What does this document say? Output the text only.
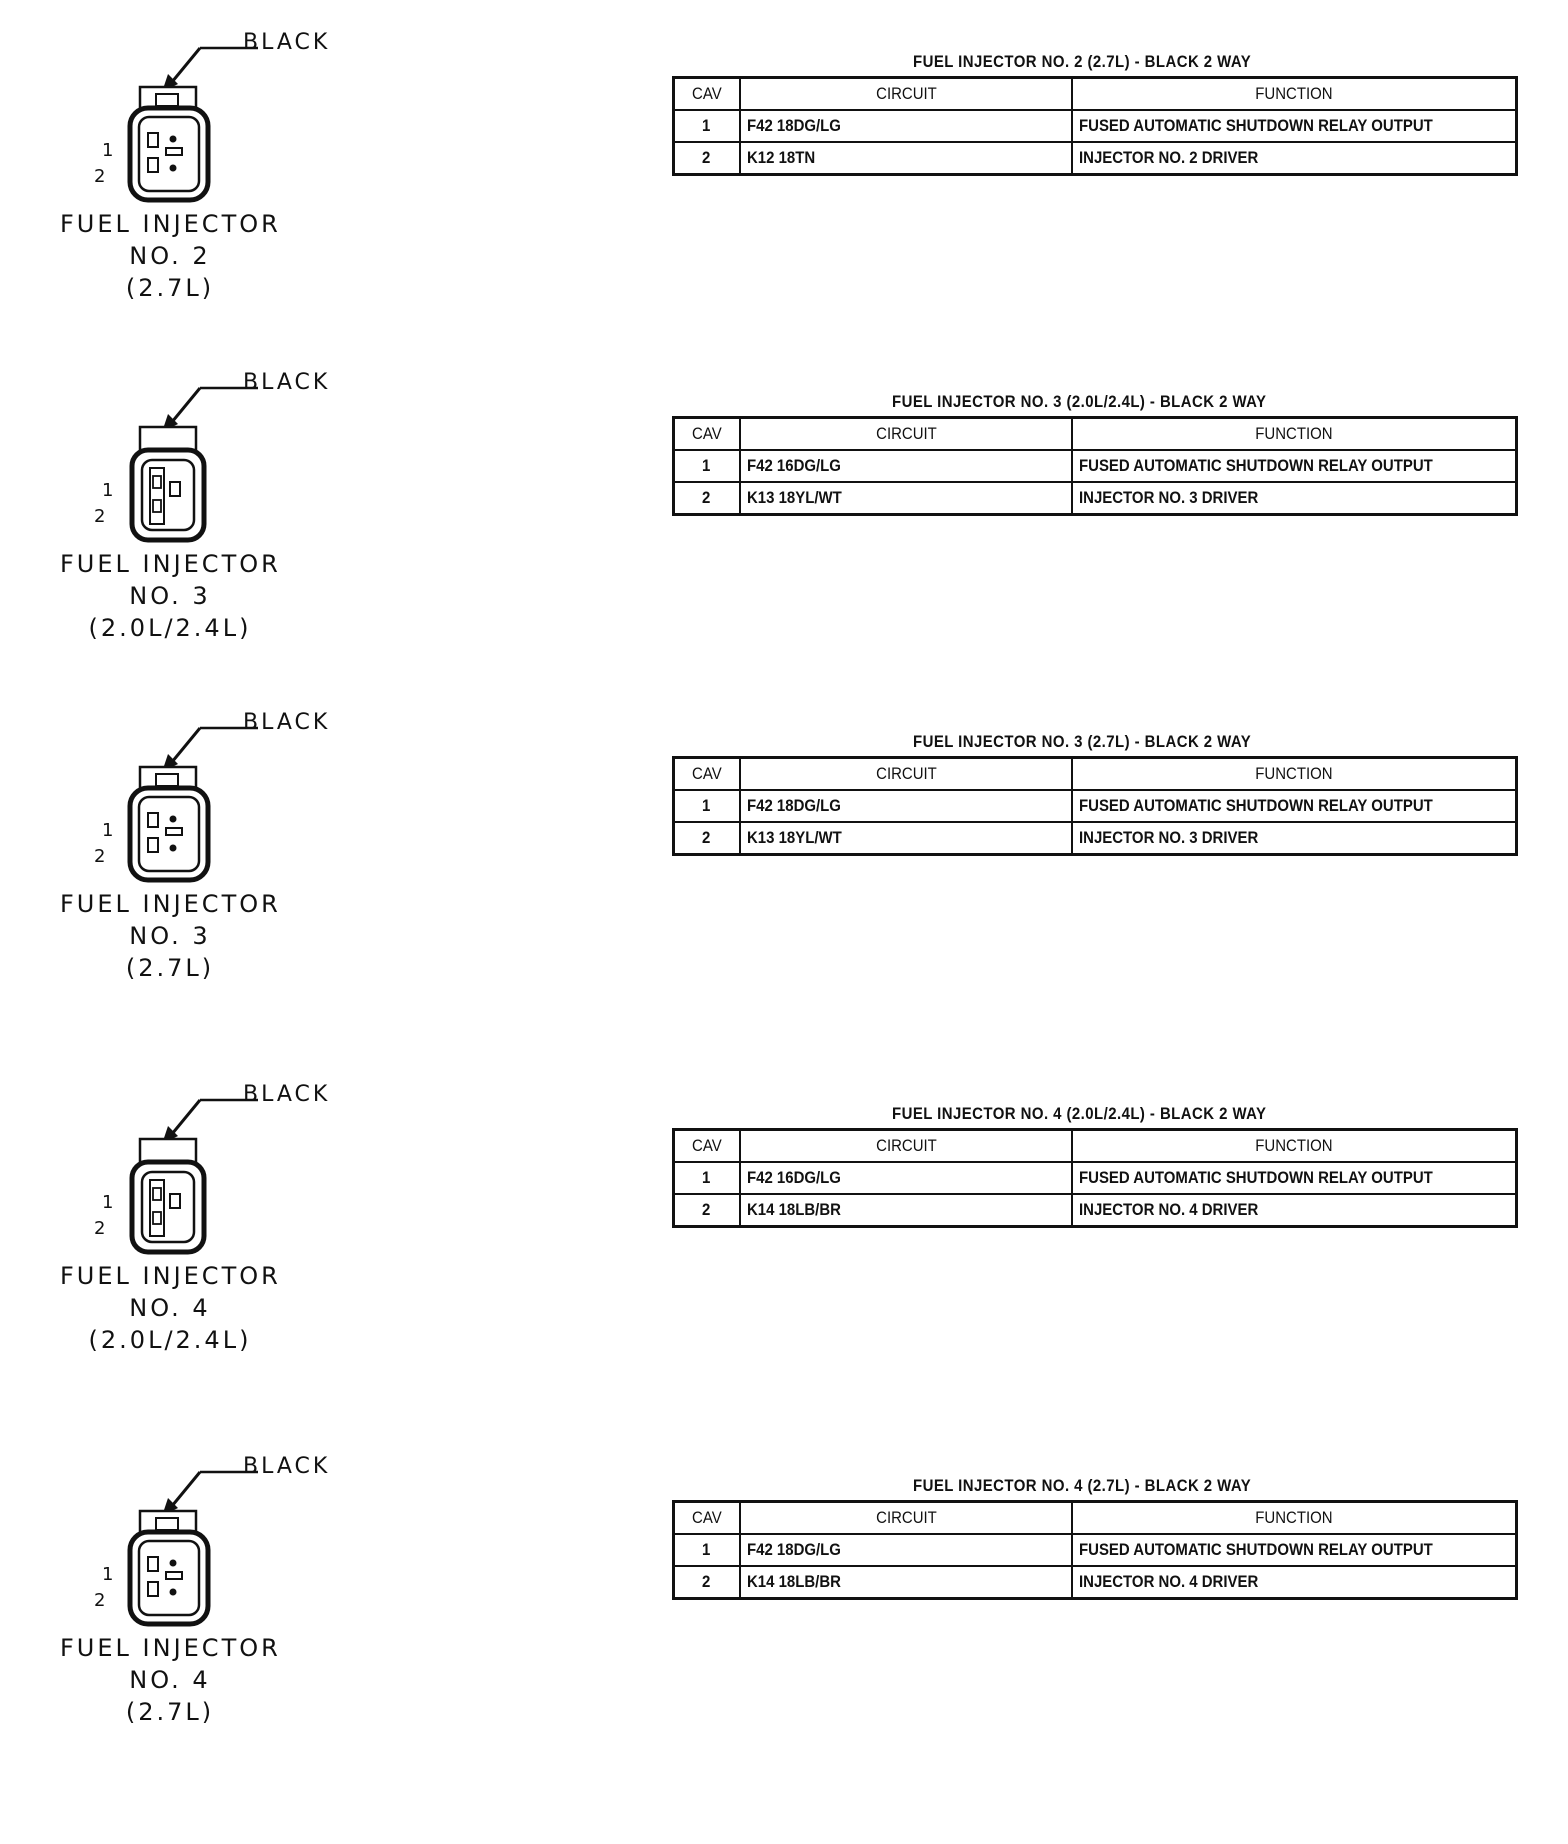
BLACK
1
2
FUEL INJECTOR
NO. 2
(2.7L)
FUEL INJECTOR NO. 2 (2.7L) - BLACK 2 WAY
CAV	CIRCUIT	FUNCTION
1	F42 18DG/LG	FUSED AUTOMATIC SHUTDOWN RELAY OUTPUT
2	K12 18TN	INJECTOR NO. 2 DRIVER
BLACK
1
2
FUEL INJECTOR
NO. 3
(2.0L/2.4L)
FUEL INJECTOR NO. 3 (2.0L/2.4L) - BLACK 2 WAY
CAV	CIRCUIT	FUNCTION
1	F42 16DG/LG	FUSED AUTOMATIC SHUTDOWN RELAY OUTPUT
2	K13 18YL/WT	INJECTOR NO. 3 DRIVER
BLACK
1
2
FUEL INJECTOR
NO. 3
(2.7L)
FUEL INJECTOR NO. 3 (2.7L) - BLACK 2 WAY
CAV	CIRCUIT	FUNCTION
1	F42 18DG/LG	FUSED AUTOMATIC SHUTDOWN RELAY OUTPUT
2	K13 18YL/WT	INJECTOR NO. 3 DRIVER
BLACK
1
2
FUEL INJECTOR
NO. 4
(2.0L/2.4L)
FUEL INJECTOR NO. 4 (2.0L/2.4L) - BLACK 2 WAY
CAV	CIRCUIT	FUNCTION
1	F42 16DG/LG	FUSED AUTOMATIC SHUTDOWN RELAY OUTPUT
2	K14 18LB/BR	INJECTOR NO. 4 DRIVER
BLACK
1
2
FUEL INJECTOR
NO. 4
(2.7L)
FUEL INJECTOR NO. 4 (2.7L) - BLACK 2 WAY
CAV	CIRCUIT	FUNCTION
1	F42 18DG/LG	FUSED AUTOMATIC SHUTDOWN RELAY OUTPUT
2	K14 18LB/BR	INJECTOR NO. 4 DRIVER
